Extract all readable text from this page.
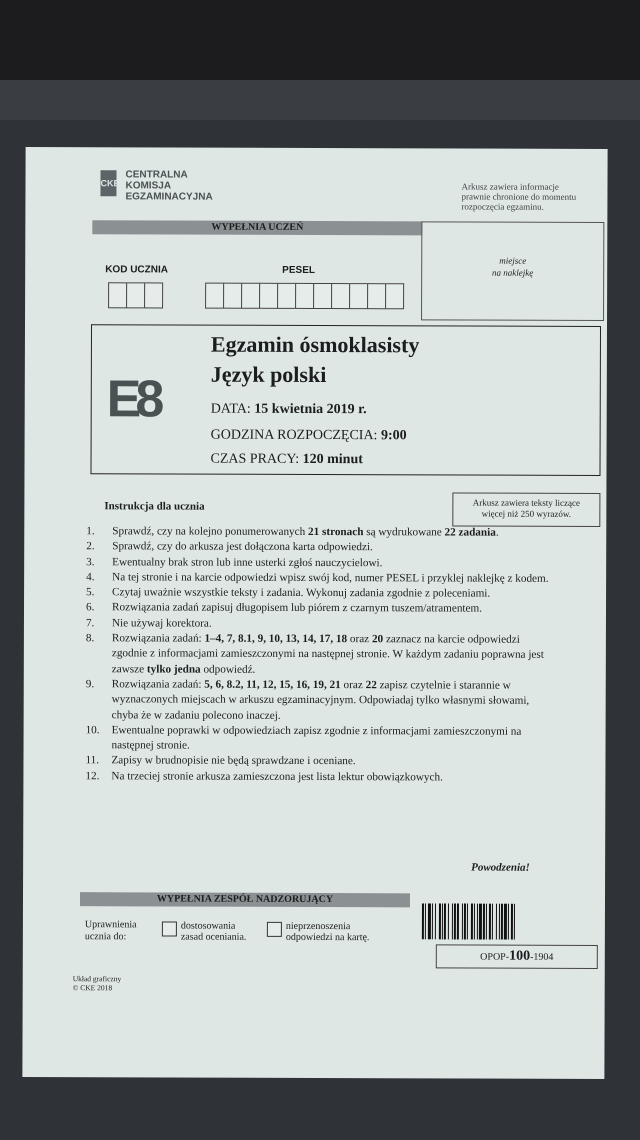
CKE
CENTRALNA
KOMISJA
EGZAMINACYJNA
Arkusz zawiera informacje
prawnie chronione do momentu
rozpoczęcia egzaminu.
WYPEŁNIA UCZEŃ
miejsce
na naklejkę
KOD UCZNIA	PESEL
E8
Egzamin ósmoklasisty
Język polski
DATA: 15 kwietnia 2019 r.
GODZINA ROZPOCZĘCIA: 9:00
CZAS PRACY: 120 minut
Arkusz zawiera teksty liczące
więcej niż 250 wyrazów.
Instrukcja dla ucznia
1.	Sprawdź, czy na kolejno ponumerowanych 21 stronach są wydrukowane 22 zadania.
2.	Sprawdź, czy do arkusza jest dołączona karta odpowiedzi.
3.	Ewentualny brak stron lub inne usterki zgłoś nauczycielowi.
4.	Na tej stronie i na karcie odpowiedzi wpisz swój kod, numer PESEL i przyklej naklejkę z kodem.
5.	Czytaj uważnie wszystkie teksty i zadania. Wykonuj zadania zgodnie z poleceniami.
6.	Rozwiązania zadań zapisuj długopisem lub piórem z czarnym tuszem/atramentem.
7.	Nie używaj korektora.
8.	Rozwiązania zadań: 1–4, 7, 8.1, 9, 10, 13, 14, 17, 18 oraz 20 zaznacz na karcie odpowiedzi zgodnie z informacjami zamieszczonymi na następnej stronie. W każdym zadaniu poprawna jest zawsze tylko jedna odpowiedź.
9.	Rozwiązania zadań: 5, 6, 8.2, 11, 12, 15, 16, 19, 21 oraz 22 zapisz czytelnie i starannie w wyznaczonych miejscach w arkuszu egzaminacyjnym. Odpowiadaj tylko własnymi słowami, chyba że w zadaniu polecono inaczej.
10.	Ewentualne poprawki w odpowiedziach zapisz zgodnie z informacjami zamieszczonymi na następnej stronie.
11.	Zapisy w brudnopisie nie będą sprawdzane i oceniane.
12.	Na trzeciej stronie arkusza zamieszczona jest lista lektur obowiązkowych.
Powodzenia!
WYPEŁNIA ZESPÓŁ NADZORUJĄCY
Uprawnienia
ucznia do:
dostosowania
zasad oceniania.
nieprzenoszenia
odpowiedzi na kartę.
OPOP-100-1904
Układ graficzny
© CKE 2018
